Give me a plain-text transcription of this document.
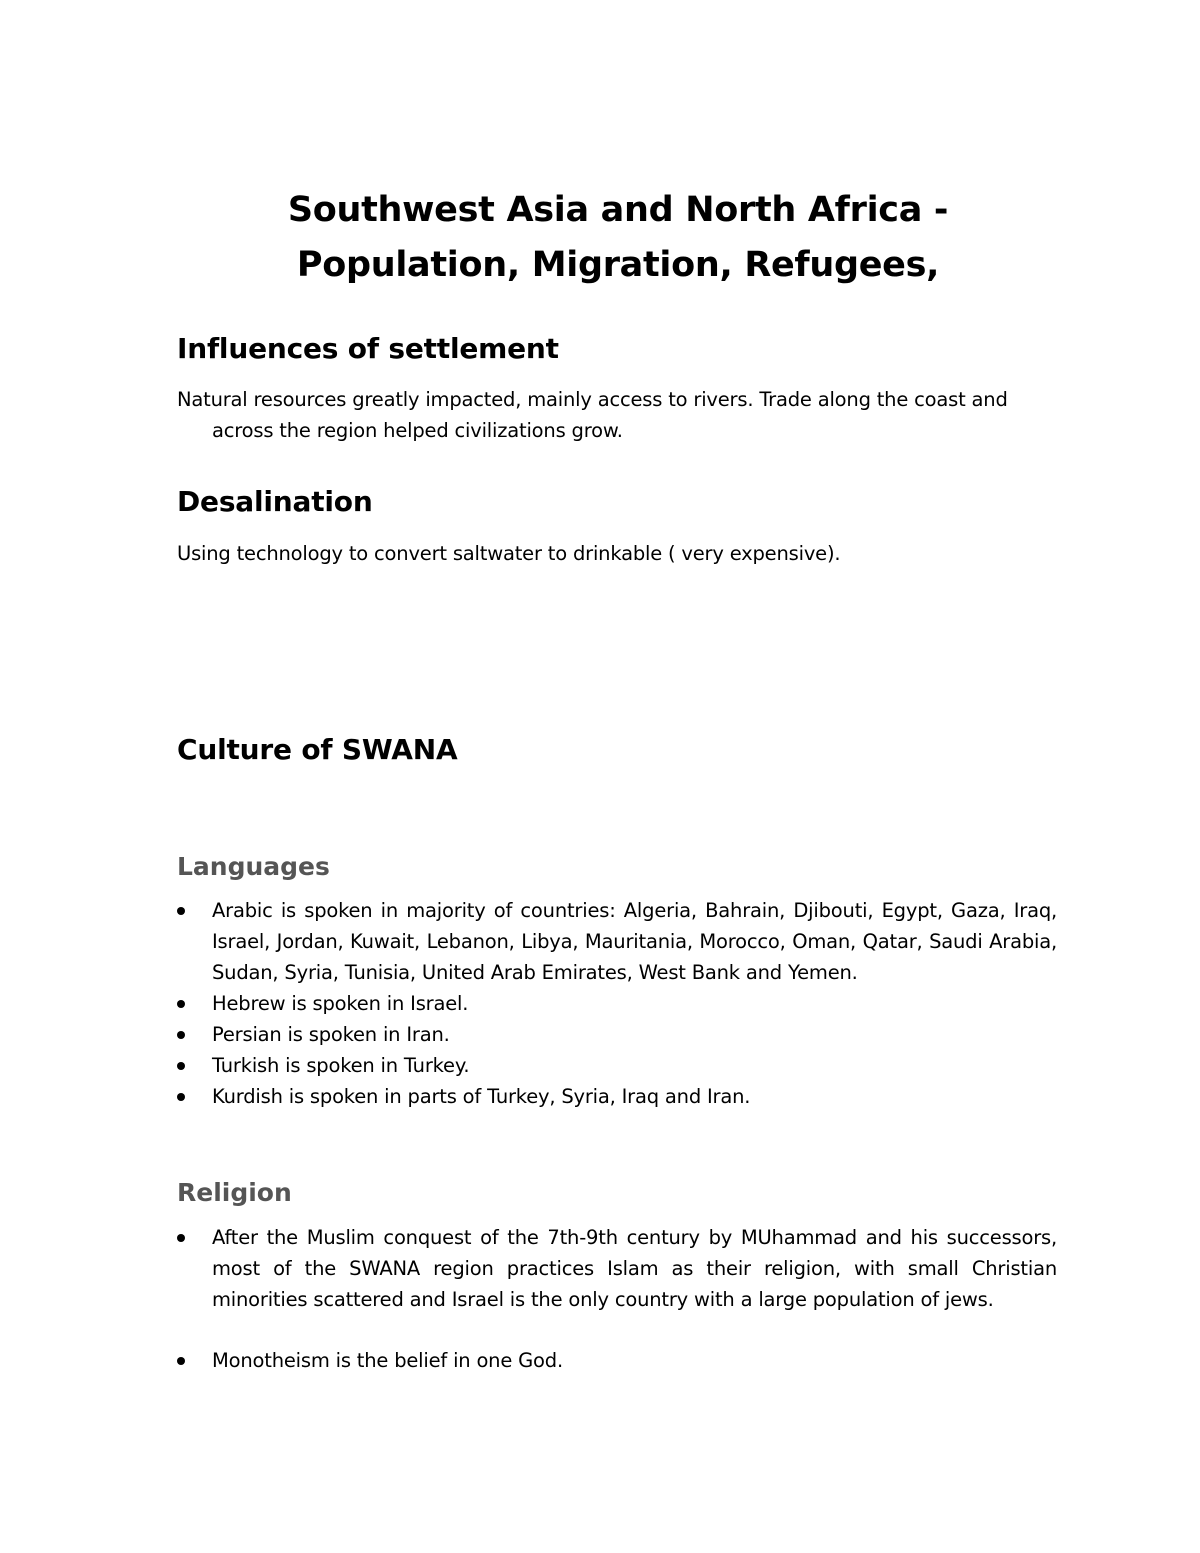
Southwest Asia and North Africa -
Population, Migration, Refugees,
Influences of settlement

Natural resources greatly impacted, mainly access to rivers. Trade along the coast and across the region helped civilizations grow.

Desalination

Using technology to convert saltwater to drinkable ( very expensive).

Culture of SWANA
Languages
Arabic is spoken in majority of countries: Algeria, Bahrain, Djibouti, Egypt, Gaza, Iraq, Israel, Jordan, Kuwait, Lebanon, Libya, Mauritania, Morocco, Oman, Qatar, Saudi Arabia, Sudan, Syria, Tunisia, United Arab Emirates, West Bank and Yemen.
Hebrew is spoken in Israel.
Persian is spoken in Iran.
Turkish is spoken in Turkey.
Kurdish is spoken in parts of Turkey, Syria, Iraq and Iran.
Religion
After the Muslim conquest of the 7th-9th century by MUhammad and his successors, most of the SWANA region practices Islam as their religion, with small Christian minorities scattered and Israel is the only country with a large population of jews.
Monotheism is the belief in one God.
